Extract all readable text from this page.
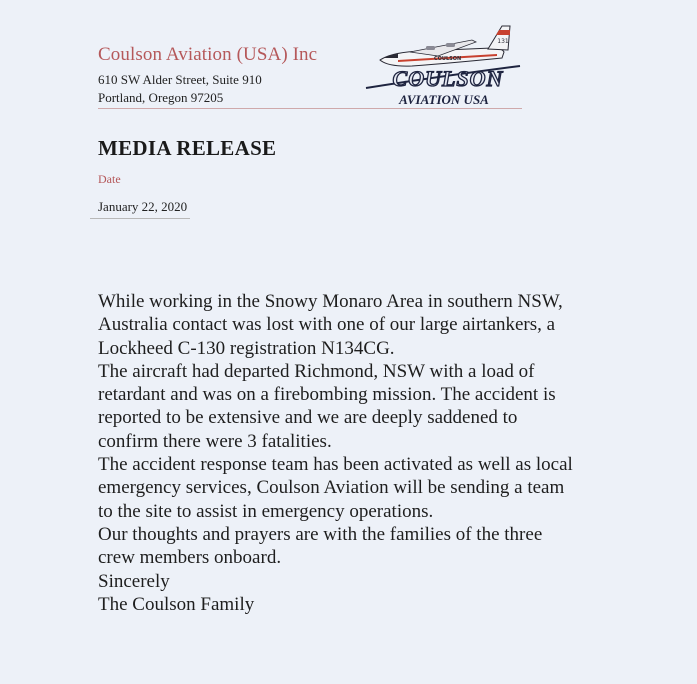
Coulson Aviation (USA) Inc
610 SW Alder Street, Suite 910
Portland, Oregon 97205
131
COULSON
COULSON
AVIATION USA
MEDIA RELEASE
Date
January 22, 2020
While working in the Snowy Monaro Area in southern NSW,
Australia contact was lost with one of our large airtankers, a
Lockheed C-130 registration N134CG.
The aircraft had departed Richmond, NSW with a load of
retardant and was on a firebombing mission. The accident is
reported to be extensive and we are deeply saddened to
confirm there were 3 fatalities.
The accident response team has been activated as well as local
emergency services, Coulson Aviation will be sending a team
to the site to assist in emergency operations.
Our thoughts and prayers are with the families of the three
crew members onboard.
Sincerely
The Coulson Family
